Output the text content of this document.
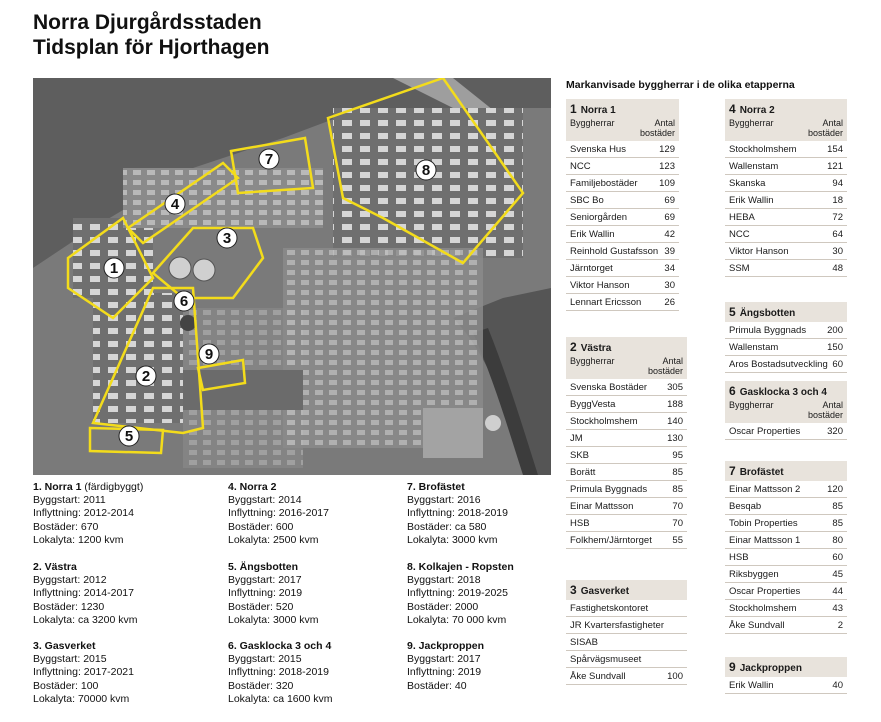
Norra Djurgårdsstaden
Tidsplan för Hjorthagen
1
2
3
4
5
6
7
8
9
Markanvisade byggherrar i de olika etapperna
1 Norra 1
Byggherrar	Antal bostäder
Svenska Hus	129
NCC	123
Familjebostäder 109
SBC Bo	69
Seniorgården	69
Erik Wallin	42
Reinhold Gustafsson 39
Järntorget	34
Viktor Hanson	30
Lennart Ericsson 26
2 Västra
Byggherrar	Antal bostäder
Svenska Bostäder 305
ByggVesta	188
Stockholmshem	140
JM	130
SKB	95
Borätt	85
Primula Byggnads	85
Einar Mattsson	70
HSB	70
Folkhem/Järntorget 55
3 Gasverket
Fastighetskontoret
JR Kvartersfastigheter
SISAB
Spårvägsmuseet
Åke Sundvall	100
4 Norra 2
Byggherrar	Antal bostäder
Stockholmshem	154
Wallenstam	121
Skanska	94
Erik Wallin	18
HEBA	72
NCC	64
Viktor Hanson	30
SSM	48
5 Ängsbotten
Primula Byggnads 200
Wallenstam	150
Aros Bostadsutveckling 60
6 Gasklocka 3 och 4
Byggherrar	Antal bostäder
Oscar Properties	320
7 Brofästet
Einar Mattsson 2	120
Besqab	85
Tobin Properties	85
Einar Mattsson 1	80
HSB	60
Riksbyggen	45
Oscar Properties	44
Stockholmshem	43
Åke Sundvall	2
9 Jackproppen
Erik Wallin	40
1. Norra 1 (färdigbyggt)
Byggstart: 2011
Inflyttning: 2012-2014
Bostäder: 670
Lokalyta: 1200 kvm
2. Västra
Byggstart: 2012
Inflyttning: 2014-2017
Bostäder: 1230
Lokalyta: ca 3200 kvm
3. Gasverket
Byggstart: 2015
Inflyttning: 2017-2021
Bostäder: 100
Lokalyta: 70000 kvm
4. Norra 2
Byggstart: 2014
Inflyttning: 2016-2017
Bostäder: 600
Lokalyta: 2500 kvm
5. Ängsbotten
Byggstart: 2017
Inflyttning: 2019
Bostäder: 520
Lokalyta: 3000 kvm
6. Gasklocka 3 och 4
Byggstart: 2015
Inflyttning: 2018-2019
Bostäder: 320
Lokalyta: ca 1600 kvm
7. Brofästet
Byggstart: 2016
Inflyttning: 2018-2019
Bostäder: ca 580
Lokalyta: 3000 kvm
8. Kolkajen - Ropsten
Byggstart: 2018
Inflyttning: 2019-2025
Bostäder: 2000
Lokalyta: 70 000 kvm
9. Jackproppen
Byggstart: 2017
Inflyttning: 2019
Bostäder: 40
